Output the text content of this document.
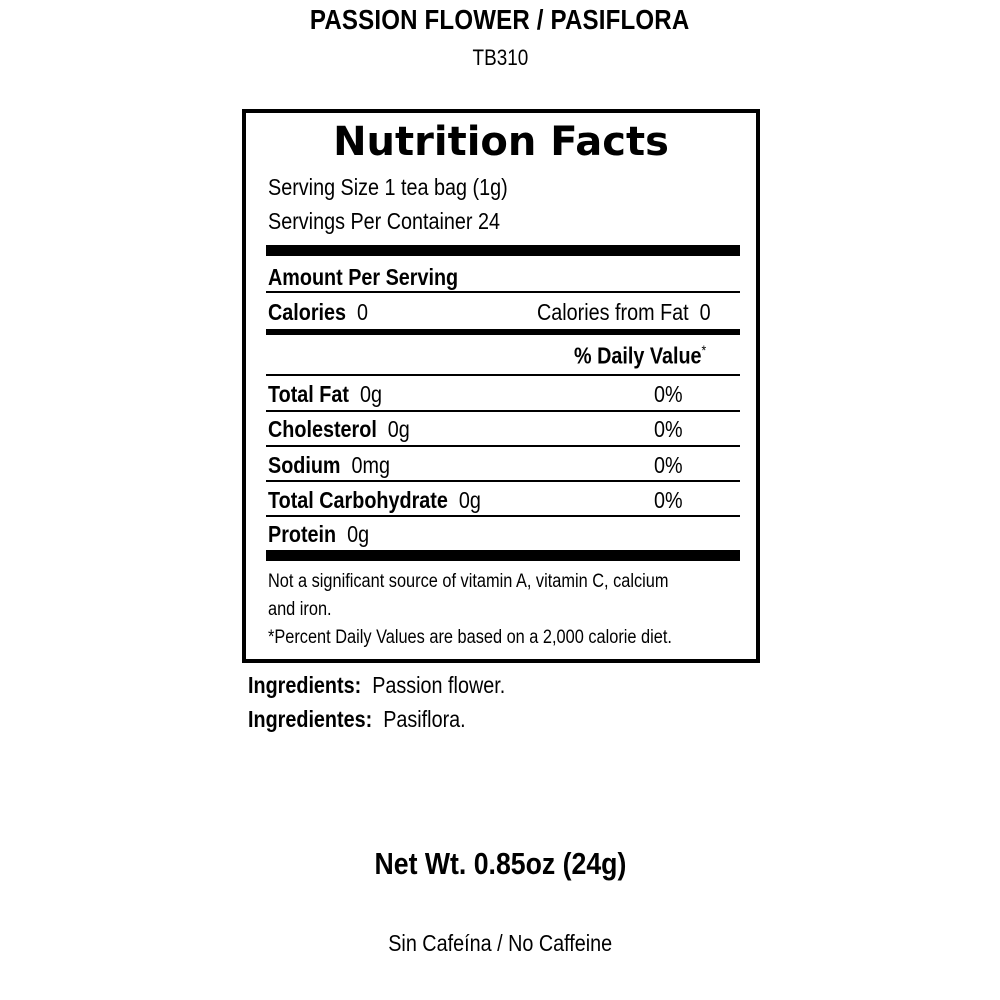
PASSION FLOWER / PASIFLORA
TB310
Nutrition Facts
Serving Size 1 tea bag (1g)
Servings Per Container 24
Amount Per Serving
Calories 0	Calories from Fat 0
% Daily Value*
Total Fat 0g	0%
Cholesterol 0g	0%
Sodium 0mg	0%
Total Carbohydrate 0g	0%
Protein 0g
Not a significant source of vitamin A, vitamin C, calcium
and iron.
*Percent Daily Values are based on a 2,000 calorie diet.
Ingredients: Passion flower.
Ingredientes: Pasiflora.
Net Wt. 0.85oz (24g)
Sin Cafeína / No Caffeine
